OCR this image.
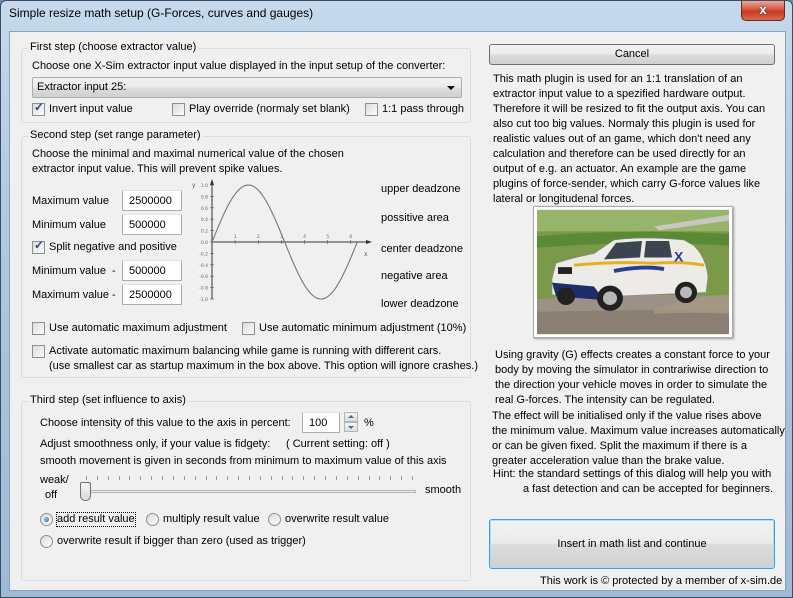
Simple resize math setup (G-Forces, curves and gauges)	x
First step (choose extractor value)
Choose one X-Sim extractor input value displayed in the input setup of the converter:
Extractor input 25:
✓
Invert input value	Play override (normaly set blank)	1:1 pass through
Second step (set range parameter)
Choose the minimal and maximal numerical value of the chosen
extractor input value. This will prevent spike values.
Maximum value
2500000
Minimum value
500000
✓
Split negative and positive
Minimum value -
500000
Maximum value -
2500000
x
y 1.0
0.8
0.6
0.4
0.2
0.0
-0.2
-0.4
-0.6
-0.8
-1.0
1	2	3	4	5	6
upper deadzone
possitive area
center deadzone
negative area
lower deadzone
Use automatic maximum adjustment	Use automatic minimum adjustment (10%)
Activate automatic maximum balancing while game is running with different cars.
(use smallest car as startup maximum in the box above. This option will ignore crashes.)
Third step (set influence to axis)
Choose intensity of this value to the axis in percent:
100	%
Adjust smoothness only, if your value is fidgety: ( Current setting: off )
smooth movement is given in seconds from minimum to maximum value of this axis
weak/
off	smooth
add result value	multiply result value overwrite result value
overwrite result if bigger than zero (used as trigger)
Cancel
This math plugin is used for an 1:1 translation of an
extractor input value to a spezified hardware output.
Therefore it will be resized to fit the output axis. You can
also cut too big values. Normaly this plugin is used for
realistic values out of an game, which don't need any
calculation and therefore can be used directly for an
output of e.g. an actuator. An example are the game
plugins of force-sender, which carry G-force values like
lateral or longitudenal forces.
X
Using gravity (G) effects creates a constant force to your
body by moving the simulator in contrariwise direction to
the direction your vehicle moves in order to simulate the
real G-forces. The intensity can be regulated.
The effect will be initialised only if the value rises above
the minimum value. Maximum value increases automatically
or can be given fixed. Split the maximum if there is a
greater acceleration value than the brake value.
Hint: the standard settings of this dialog will help you with
a fast detection and can be accepted for beginners.
Insert in math list and continue
This work is © protected by a member of x-sim.de
